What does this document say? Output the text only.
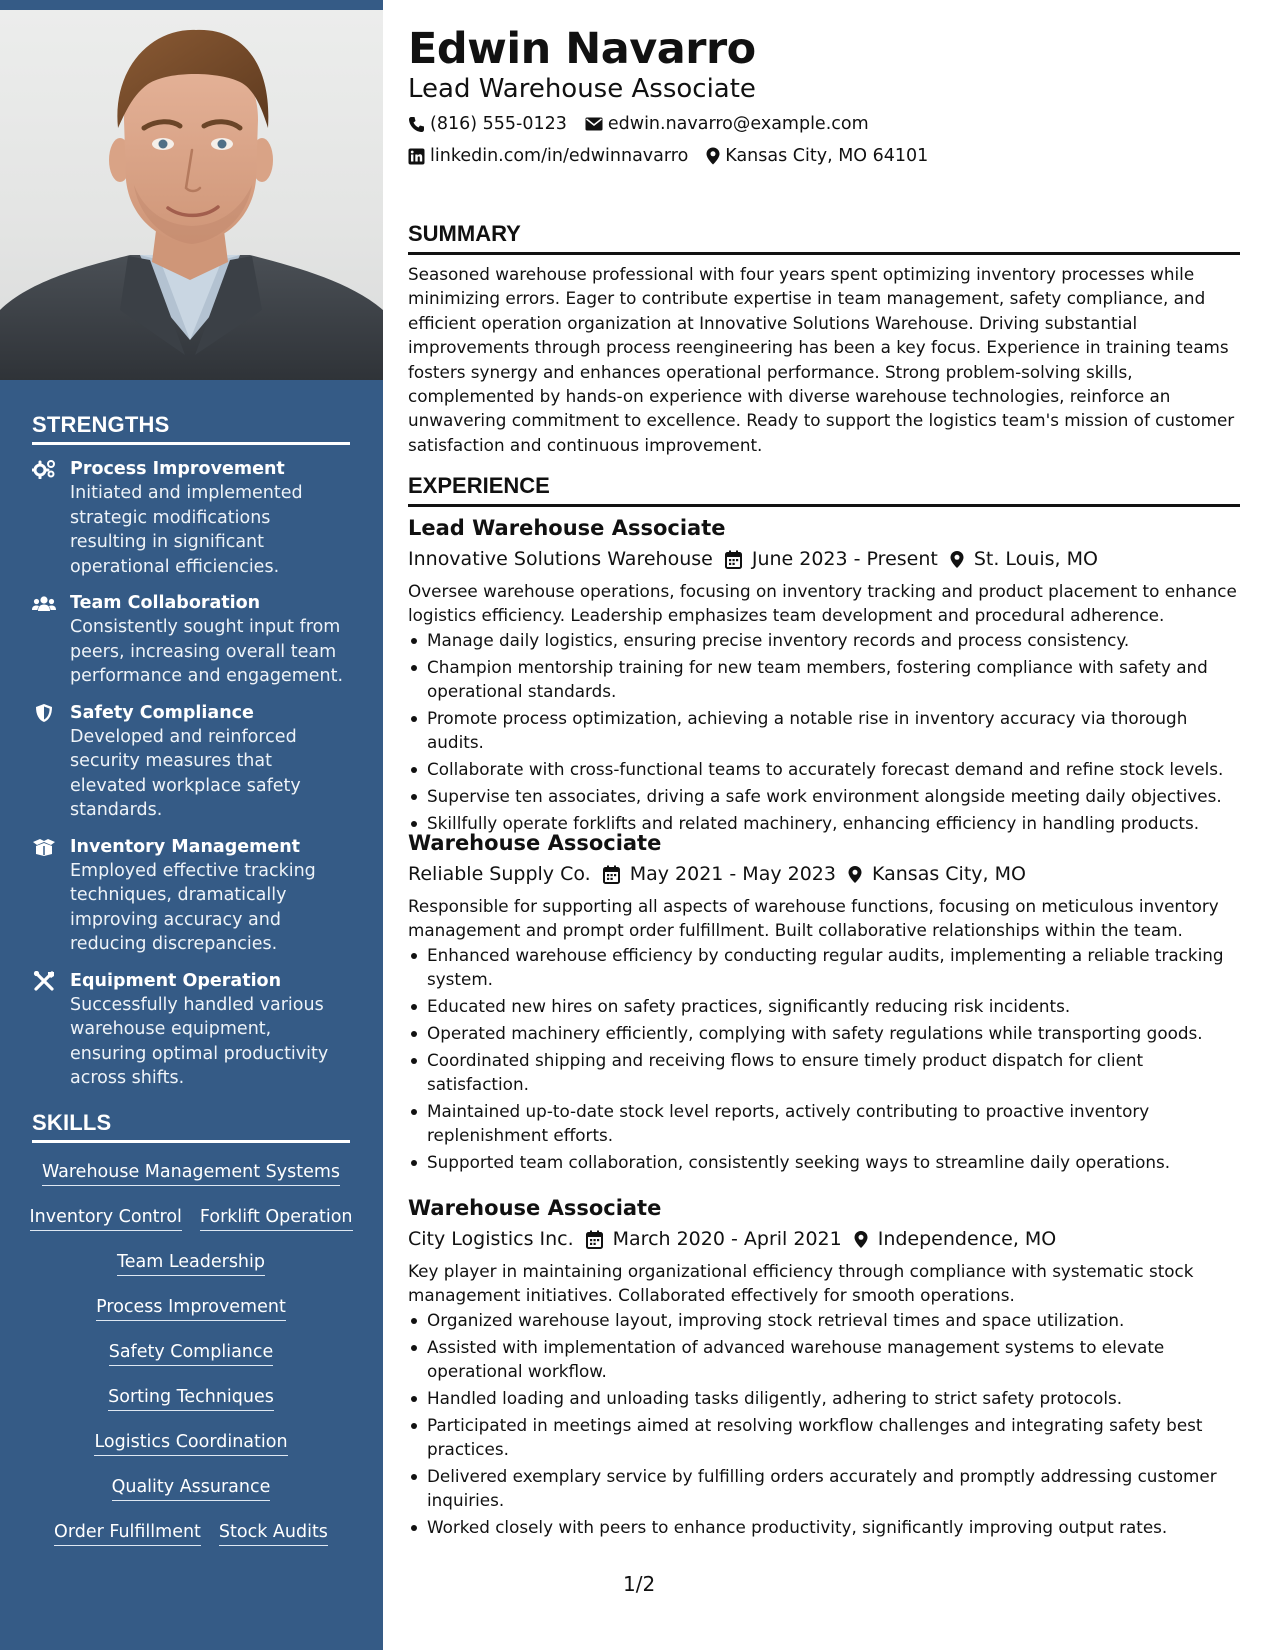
STRENGTHS
Process Improvement
Initiated and implemented strategic modifications resulting in significant operational efficiencies.
Team Collaboration
Consistently sought input from peers, increasing overall team performance and engagement.
Safety Compliance
Developed and reinforced security measures that elevated workplace safety standards.
Inventory Management
Employed effective tracking techniques, dramatically improving accuracy and reducing discrepancies.
Equipment Operation
Successfully handled various warehouse equipment, ensuring optimal productivity across shifts.
SKILLS
Warehouse Management Systems
Inventory Control Forklift Operation
Team Leadership
Process Improvement
Safety Compliance
Sorting Techniques
Logistics Coordination
Quality Assurance
Order Fulfillment Stock Audits
Edwin Navarro
Lead Warehouse Associate
(816) 555-0123 edwin.navarro@example.com
linkedin.com/in/edwinnavarro Kansas City, MO 64101
SUMMARY
Seasoned warehouse professional with four years spent optimizing inventory processes while minimizing errors. Eager to contribute expertise in team management, safety compliance, and efficient operation organization at Innovative Solutions Warehouse. Driving substantial improvements through process reengineering has been a key focus. Experience in training teams fosters synergy and enhances operational performance. Strong problem-solving skills, complemented by hands-on experience with diverse warehouse technologies, reinforce an unwavering commitment to excellence. Ready to support the logistics team's mission of customer satisfaction and continuous improvement.
EXPERIENCE
Lead Warehouse Associate
Innovative Solutions Warehouse June 2023 - Present St. Louis, MO
Oversee warehouse operations, focusing on inventory tracking and product placement to enhance logistics efficiency. Leadership emphasizes team development and procedural adherence.
Manage daily logistics, ensuring precise inventory records and process consistency.
Champion mentorship training for new team members, fostering compliance with safety and operational standards.
Promote process optimization, achieving a notable rise in inventory accuracy via thorough audits.
Collaborate with cross-functional teams to accurately forecast demand and refine stock levels.
Supervise ten associates, driving a safe work environment alongside meeting daily objectives.
Skillfully operate forklifts and related machinery, enhancing efficiency in handling products.
Warehouse Associate
Reliable Supply Co. May 2021 - May 2023 Kansas City, MO
Responsible for supporting all aspects of warehouse functions, focusing on meticulous inventory management and prompt order fulfillment. Built collaborative relationships within the team.
Enhanced warehouse efficiency by conducting regular audits, implementing a reliable tracking system.
Educated new hires on safety practices, significantly reducing risk incidents.
Operated machinery efficiently, complying with safety regulations while transporting goods.
Coordinated shipping and receiving flows to ensure timely product dispatch for client satisfaction.
Maintained up-to-date stock level reports, actively contributing to proactive inventory replenishment efforts.
Supported team collaboration, consistently seeking ways to streamline daily operations.
Warehouse Associate
City Logistics Inc. March 2020 - April 2021 Independence, MO
Key player in maintaining organizational efficiency through compliance with systematic stock management initiatives. Collaborated effectively for smooth operations.
Organized warehouse layout, improving stock retrieval times and space utilization.
Assisted with implementation of advanced warehouse management systems to elevate operational workflow.
Handled loading and unloading tasks diligently, adhering to strict safety protocols.
Participated in meetings aimed at resolving workflow challenges and integrating safety best practices.
Delivered exemplary service by fulfilling orders accurately and promptly addressing customer inquiries.
Worked closely with peers to enhance productivity, significantly improving output rates.
1/2
